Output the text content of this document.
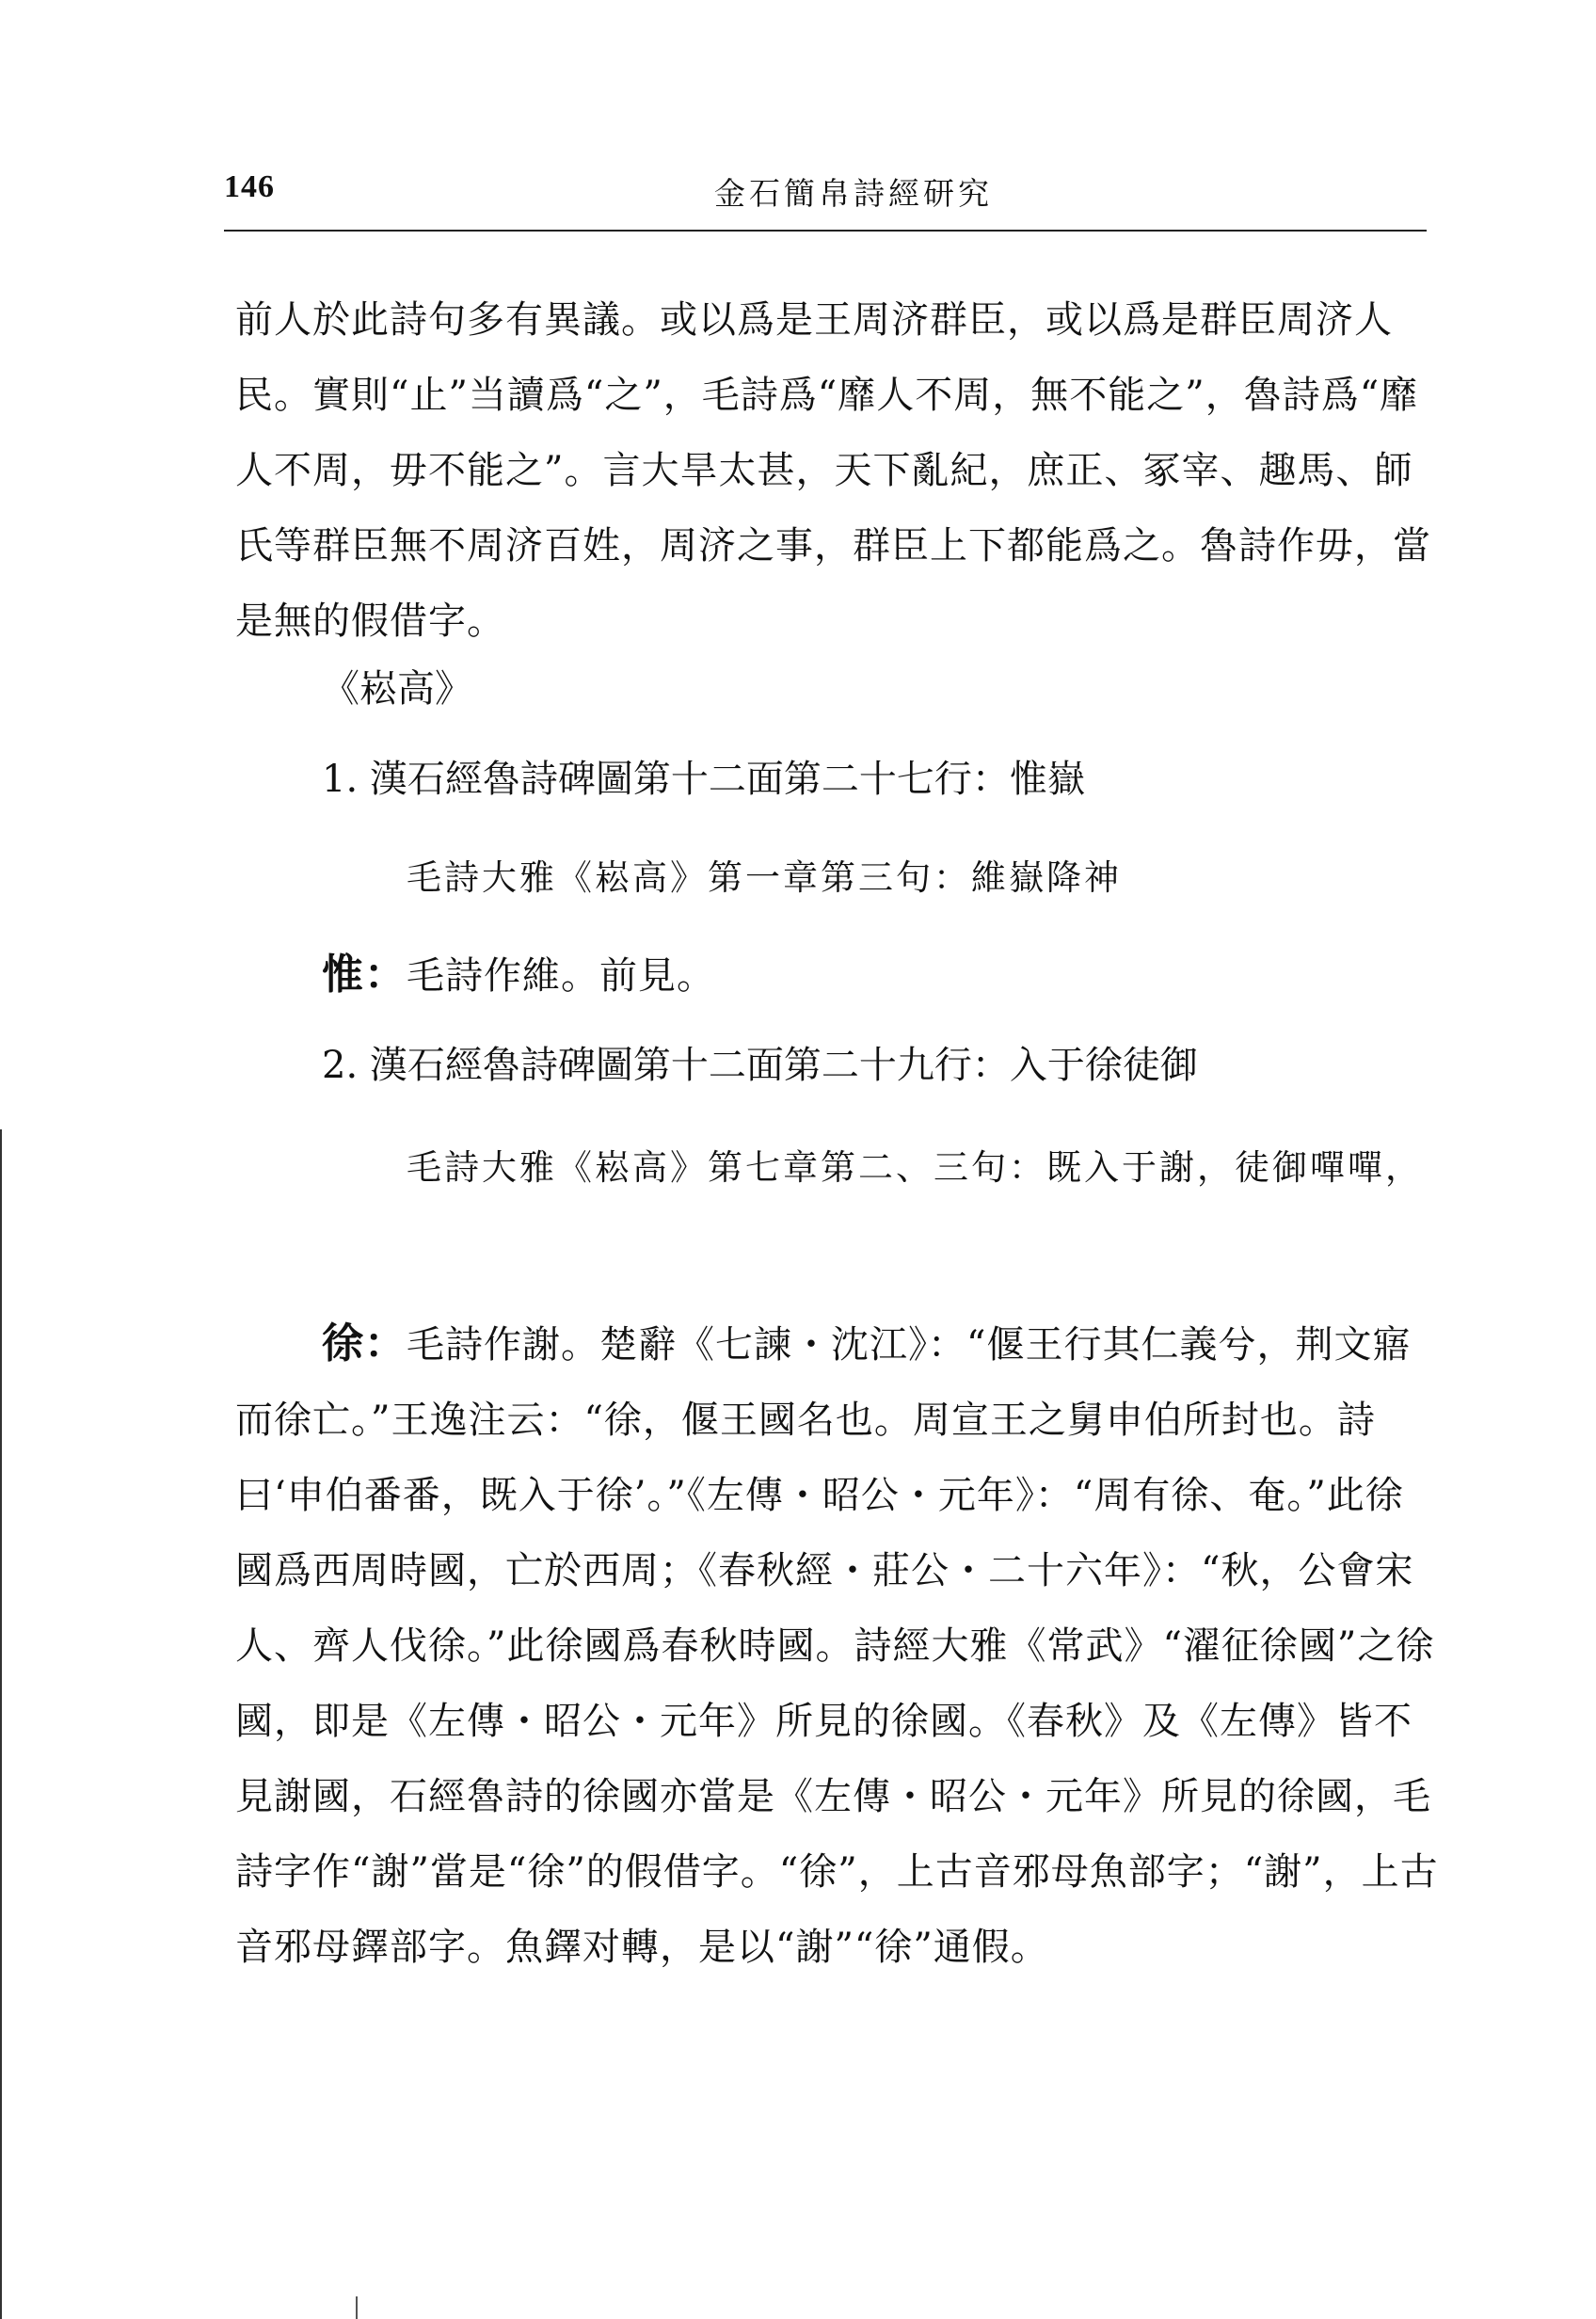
146	金石簡帛詩經研究

前人於此詩句多有異議。或以爲是王周济群臣，或以爲是群臣周济人民。實則“止”当讀爲“之”，毛詩爲“靡人不周，無不能之”，魯詩爲“靡人不周，毋不能之”。言大旱太甚，天下亂紀，庶正、冢宰、趣馬、師氏等群臣無不周济百姓，周济之事，群臣上下都能爲之。魯詩作毋，當是無的假借字。

《崧高》

1. 漢石經魯詩碑圖第十二面第二十七行：惟嶽

毛詩大雅《崧高》第一章第三句：維嶽降神

惟：毛詩作維。前見。

2. 漢石經魯詩碑圖第十二面第二十九行：入于徐徒御

毛詩大雅《崧高》第七章第二、三句：既入于謝，徒御嘽嘽，

徐：毛詩作謝。楚辭《七諫・沈江》：“偃王行其仁義兮，荆文寤而徐亡。”王逸注云：“徐，偃王國名也。周宣王之舅申伯所封也。詩曰‘申伯番番，既入于徐’。”《左傳・昭公・元年》：“周有徐、奄。”此徐國爲西周時國，亡於西周；《春秋經・莊公・二十六年》：“秋，公會宋人、齊人伐徐。”此徐國爲春秋時國。詩經大雅《常武》“濯征徐國”之徐國，即是《左傳・昭公・元年》所見的徐國。《春秋》及《左傳》皆不見謝國，石經魯詩的徐國亦當是《左傳・昭公・元年》所見的徐國，毛詩字作“謝”當是“徐”的假借字。“徐”，上古音邪母魚部字；“謝”，上古音邪母鐸部字。魚鐸对轉，是以“謝”“徐”通假。
